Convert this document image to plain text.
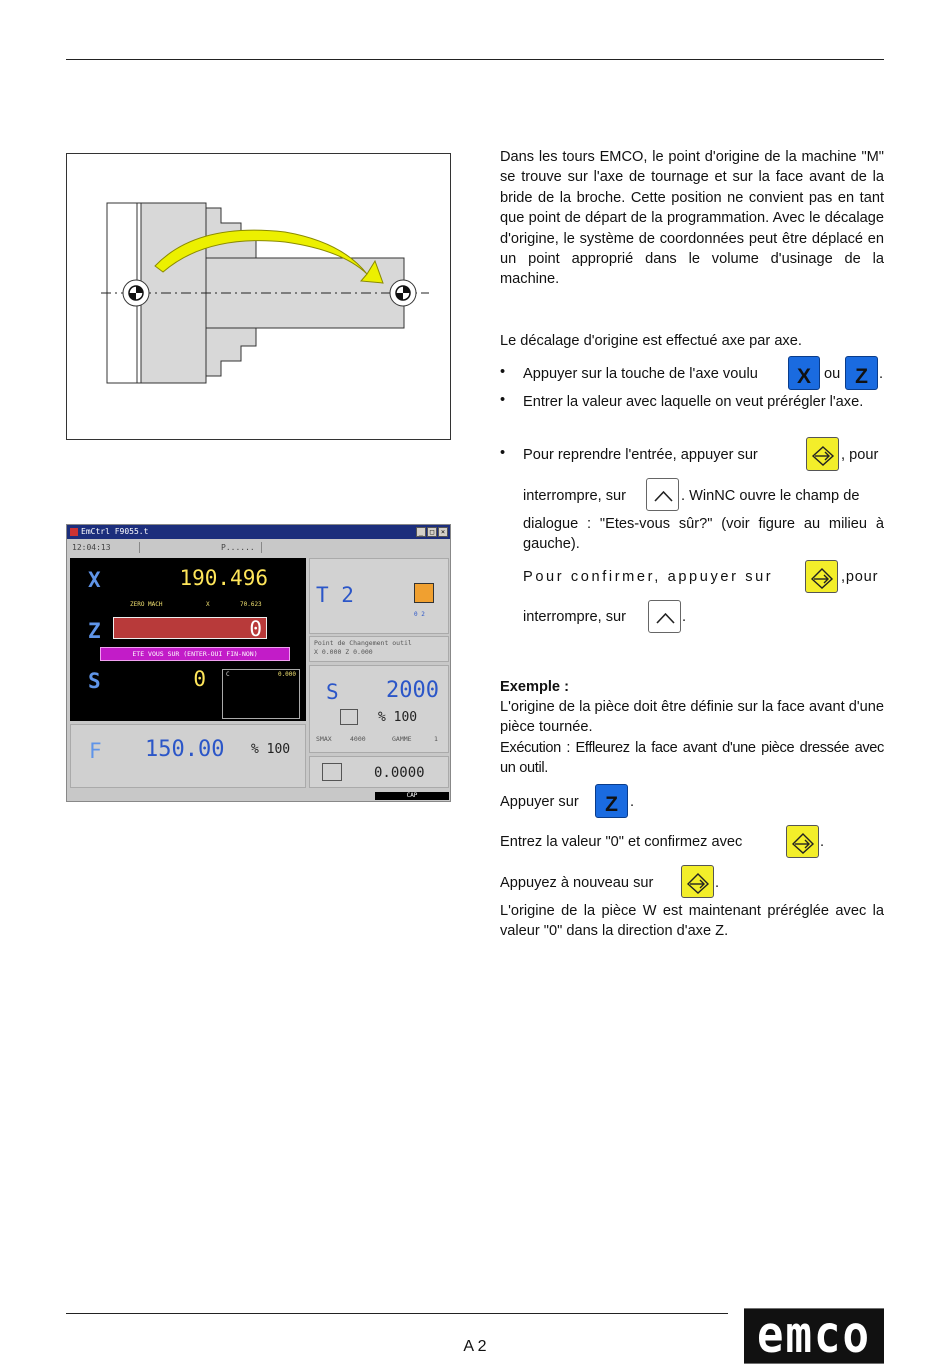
EmCtrl F9055.t	_ □ ×
12:04:13	P......
X	190.496
ZERO MACH	X	70.623
Z	0
ETE VOUS SUR (ENTER-OUI FIN-NON)
S	0	C	0.000
F 150.00 % 100
T 2
0 2
Point de Changement outil
X 0.000 Z 0.000
S 2000
% 100
SMAX	4000	GAMME	1
0.0000
CAP
Dans les tours EMCO, le point d'origine de la machine "M" se trouve sur l'axe de tournage et sur la face avant de la bride de la broche. Cette position ne convient pas en tant que point de départ de la programmation. Avec le décalage d'origine, le système de coordonnées peut être déplacé en un point approprié dans le volume d'usinage de la machine.
Le décalage d'origine est effectué axe par axe.
• Appuyer sur la touche de l'axe voulu	X ou Z .
• Entrer la valeur avec laquelle on veut prérégler l'axe.
• Pour reprendre l'entrée, appuyer sur	, pour
interrompre, sur	. WinNC ouvre le champ de
dialogue : "Etes-vous sûr?" (voir figure au milieu à gauche).
Pour confirmer, appuyer sur	,pour
interrompre, sur	.
Exemple :
L'origine de la pièce doit être définie sur la face avant d'une pièce tournée.
Exécution : Effleurez la face avant d'une pièce dressée avec un outil.
Appuyer sur	Z .
Entrez la valeur "0" et confirmez avec	.
Appuyez à nouveau sur	.
L'origine de la pièce W est maintenant préréglée avec la valeur "0" dans la direction d'axe Z.
A 2	emco
